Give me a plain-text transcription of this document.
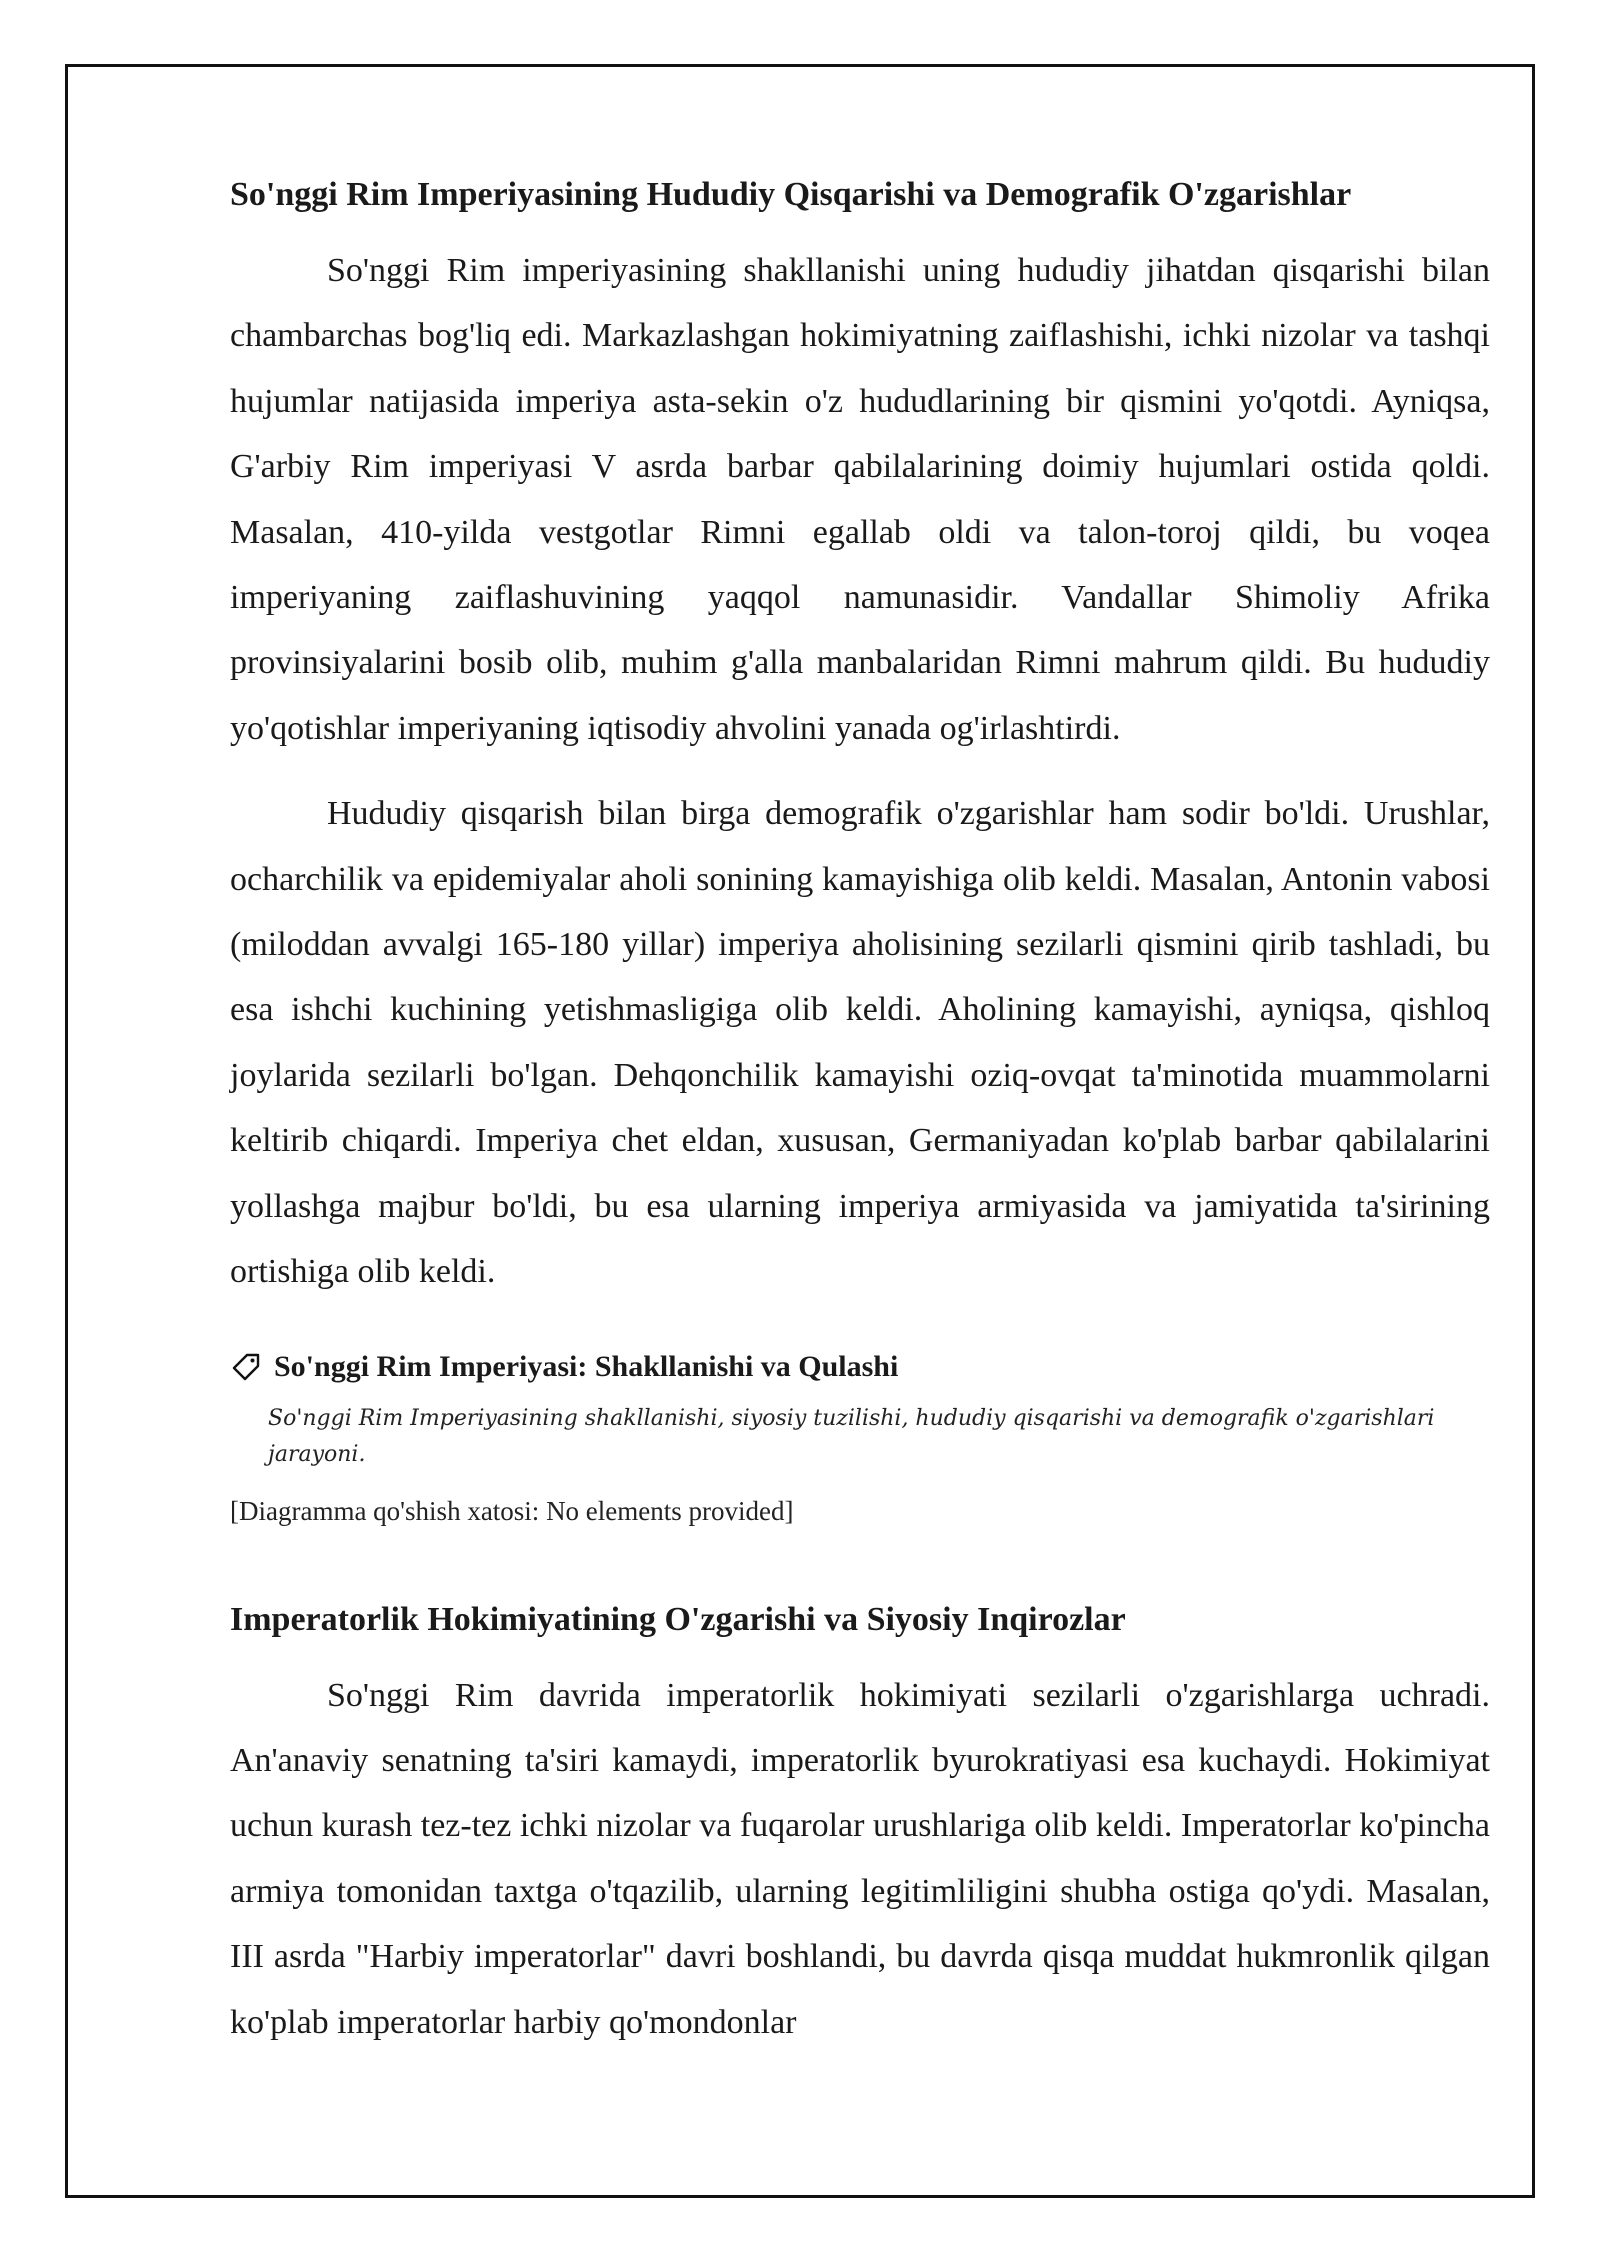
So'nggi Rim Imperiyasining Hududiy Qisqarishi va Demografik O'zgarishlar

So'nggi Rim imperiyasining shakllanishi uning hududiy jihatdan qisqarishi bilan chambarchas bog'liq edi. Markazlashgan hokimiyatning zaiflashishi, ichki nizolar va tashqi hujumlar natijasida imperiya asta-sekin o'z hududlarining bir qismini yo'qotdi. Ayniqsa, G'arbiy Rim imperiyasi V asrda barbar qabilalarining doimiy hujumlari ostida qoldi. Masalan, 410-yilda vestgotlar Rimni egallab oldi va talon-toroj qildi, bu voqea imperiyaning zaiflashuvining yaqqol namunasidir. Vandallar Shimoliy Afrika provinsiyalarini bosib olib, muhim g'alla manbalaridan Rimni mahrum qildi. Bu hududiy yo'qotishlar imperiyaning iqtisodiy ahvolini yanada og'irlashtirdi.

Hududiy qisqarish bilan birga demografik o'zgarishlar ham sodir bo'ldi. Urushlar, ocharchilik va epidemiyalar aholi sonining kamayishiga olib keldi. Masalan, Antonin vabosi (miloddan avvalgi 165-180 yillar) imperiya aholisining sezilarli qismini qirib tashladi, bu esa ishchi kuchining yetishmasligiga olib keldi. Aholining kamayishi, ayniqsa, qishloq joylarida sezilarli bo'lgan. Dehqonchilik kamayishi oziq-ovqat ta'minotida muammolarni keltirib chiqardi. Imperiya chet eldan, xususan, Germaniyadan ko'plab barbar qabilalarini yollashga majbur bo'ldi, bu esa ularning imperiya armiyasida va jamiyatida ta'sirining ortishiga olib keldi.

So'nggi Rim Imperiyasi: Shakllanishi va Qulashi
So'nggi Rim Imperiyasining shakllanishi, siyosiy tuzilishi, hududiy qisqarishi va demografik o'zgarishlari jarayoni.
[Diagramma qo'shish xatosi: No elements provided]
Imperatorlik Hokimiyatining O'zgarishi va Siyosiy Inqirozlar

So'nggi Rim davrida imperatorlik hokimiyati sezilarli o'zgarishlarga uchradi. An'anaviy senatning ta'siri kamaydi, imperatorlik byurokratiyasi esa kuchaydi. Hokimiyat uchun kurash tez-tez ichki nizolar va fuqarolar urushlariga olib keldi. Imperatorlar ko'pincha armiya tomonidan taxtga o'tqazilib, ularning legitimliligini shubha ostiga qo'ydi. Masalan, III asrda "Harbiy imperatorlar" davri boshlandi, bu davrda qisqa muddat hukmronlik qilgan ko'plab imperatorlar harbiy qo'mondonlar
